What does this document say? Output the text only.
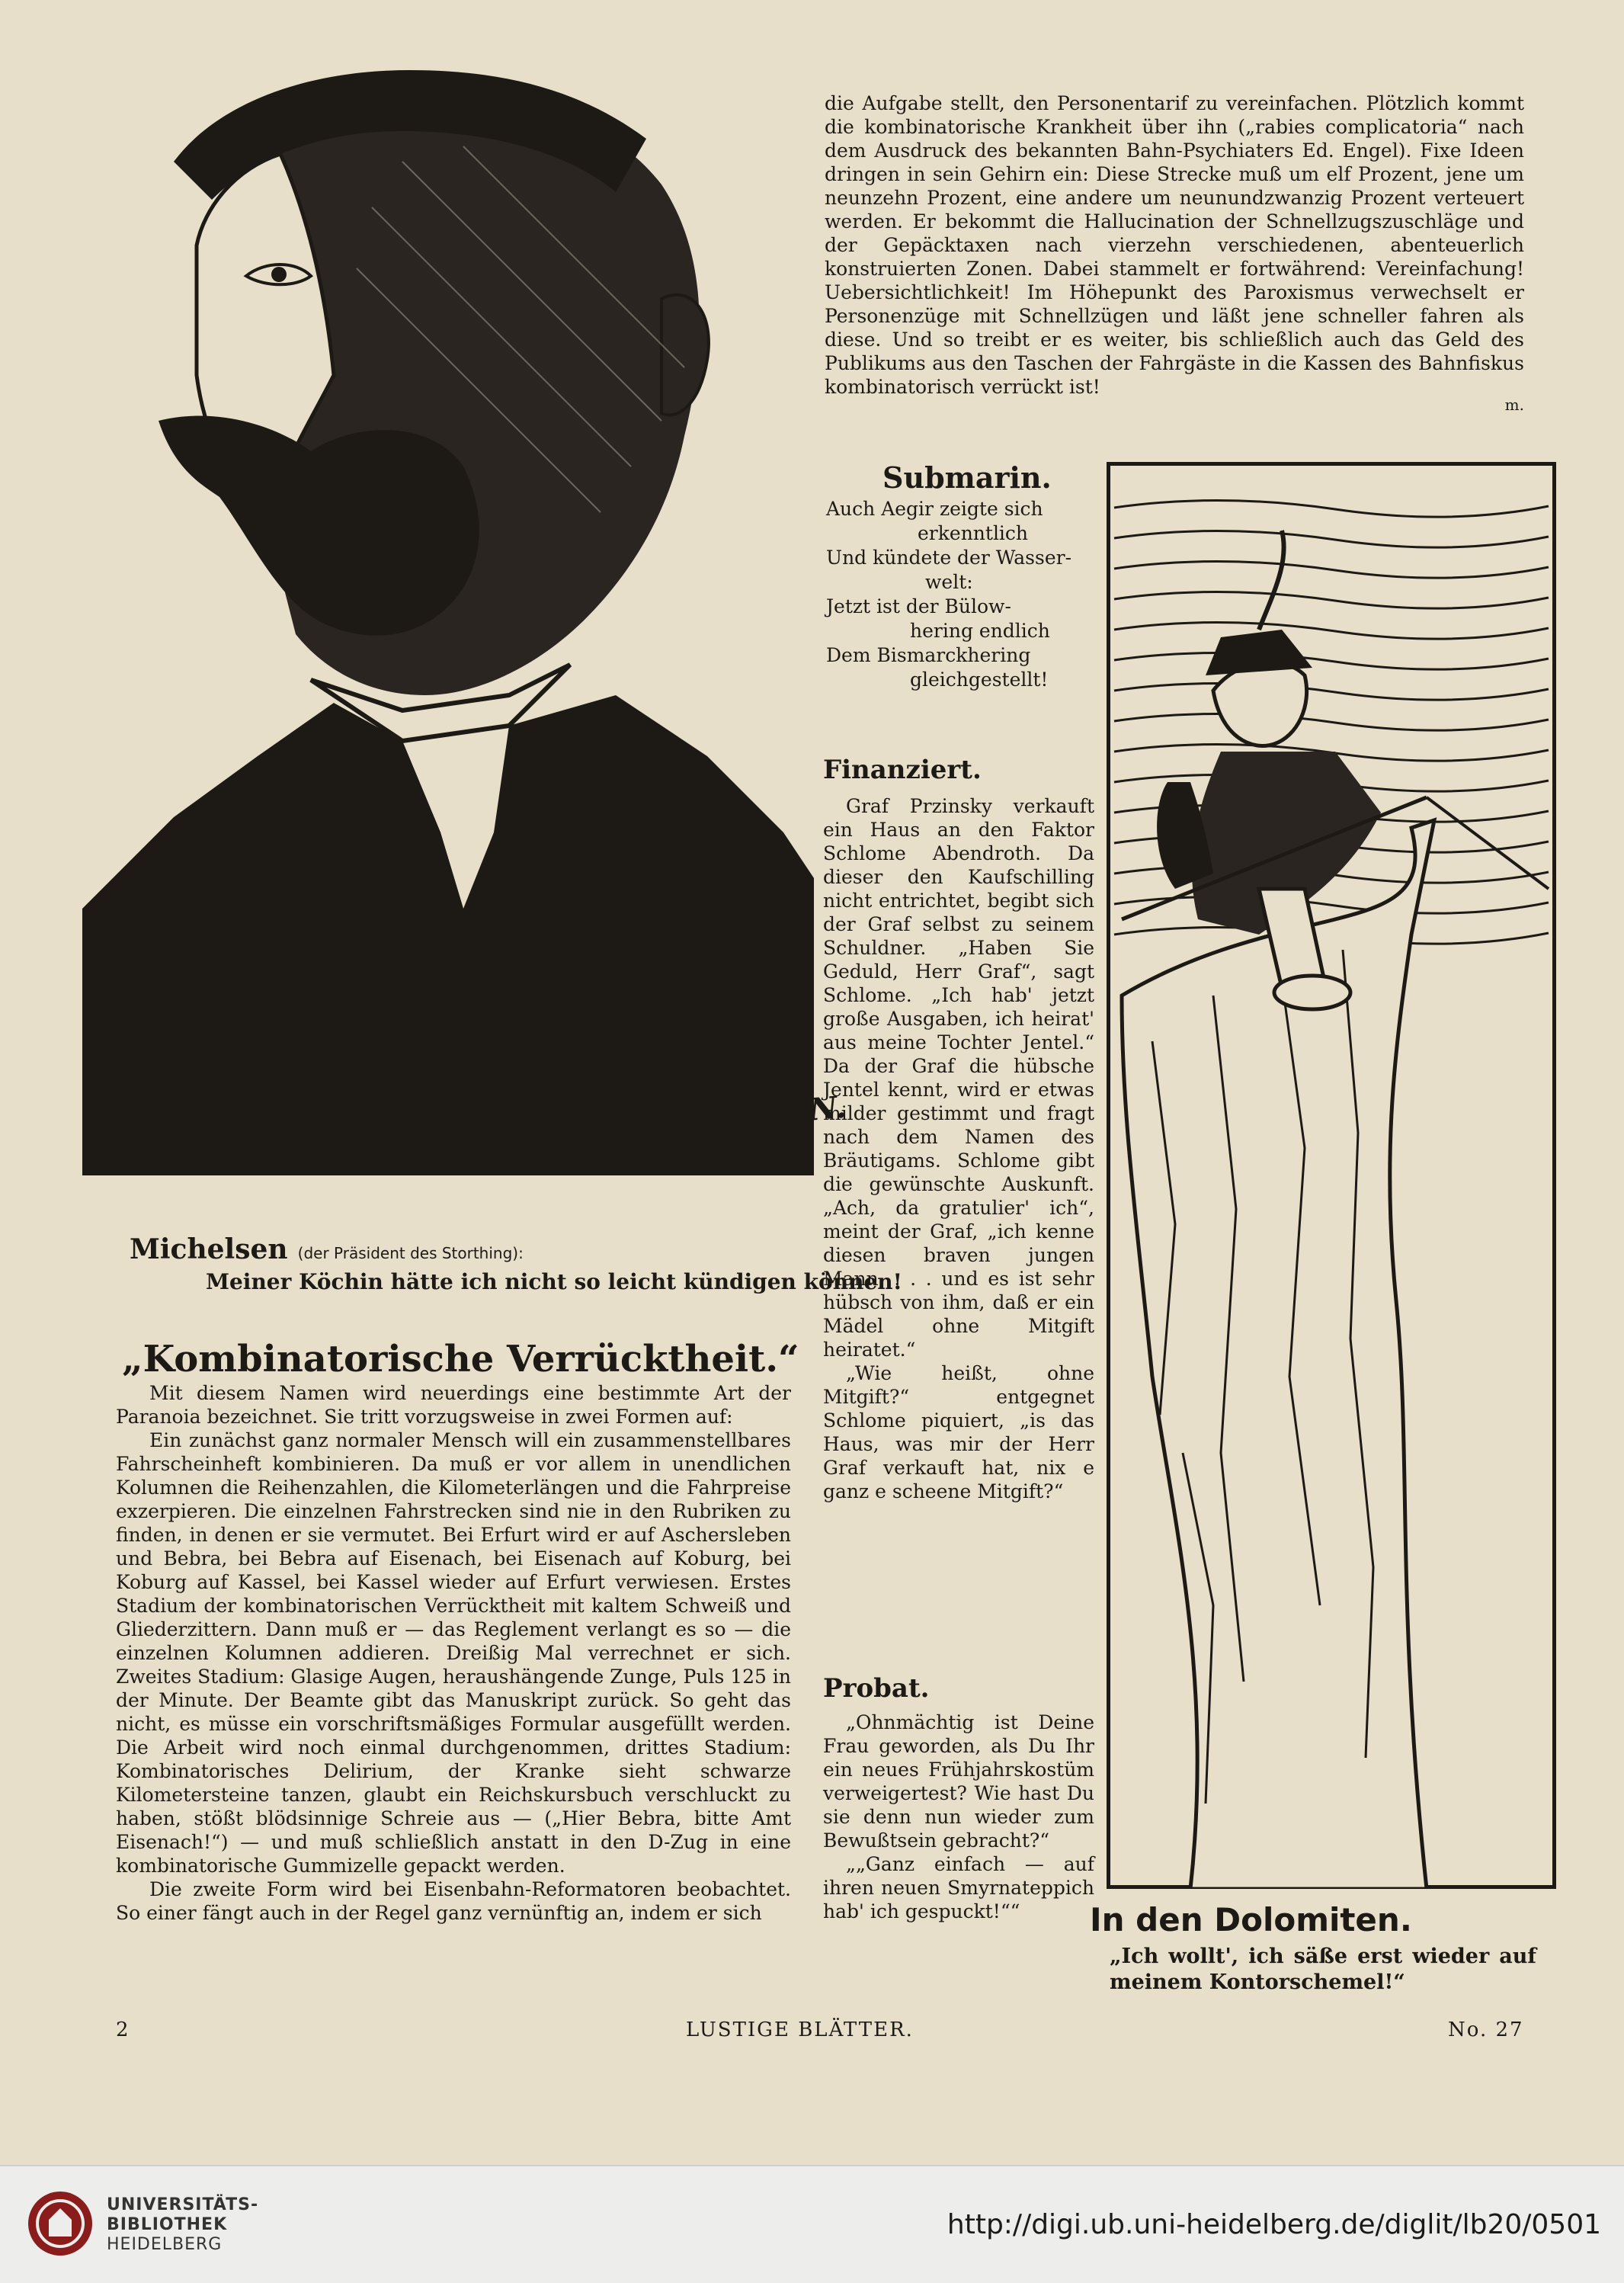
STERN.
Michelsen (der Präsident des Storthing):
Meiner Köchin hätte ich nicht so leicht kündigen können!
„Kombinatorische Verrücktheit.“

Mit diesem Namen wird neuerdings eine bestimmte Art der Paranoia bezeichnet. Sie tritt vorzugsweise in zwei Formen auf:

Ein zunächst ganz normaler Mensch will ein zusammenstellbares Fahrscheinheft kombinieren. Da muß er vor allem in unendlichen Kolumnen die Reihenzahlen, die Kilometerlängen und die Fahrpreise exzerpieren. Die einzelnen Fahrstrecken sind nie in den Rubriken zu finden, in denen er sie vermutet. Bei Erfurt wird er auf Aschersleben und Bebra, bei Bebra auf Eisenach, bei Eisenach auf Koburg, bei Koburg auf Kassel, bei Kassel wieder auf Erfurt verwiesen. Erstes Stadium der kombinatorischen Verrücktheit mit kaltem Schweiß und Gliederzittern. Dann muß er — das Reglement verlangt es so — die einzelnen Kolumnen addieren. Dreißig Mal verrechnet er sich. Zweites Stadium: Glasige Augen, heraushängende Zunge, Puls 125 in der Minute. Der Beamte gibt das Manuskript zurück. So geht das nicht, es müsse ein vorschriftsmäßiges Formular ausgefüllt werden. Die Arbeit wird noch einmal durchgenommen, drittes Stadium: Kombinatorisches Delirium, der Kranke sieht schwarze Kilometersteine tanzen, glaubt ein Reichskursbuch verschluckt zu haben, stößt blödsinnige Schreie aus — („Hier Bebra, bitte Amt Eisenach!“) — und muß schließlich anstatt in den D-Zug in eine kombinatorische Gummizelle gepackt werden.

Die zweite Form wird bei Eisenbahn-Reformatoren beobachtet. So einer fängt auch in der Regel ganz vernünftig an, indem er sich

die Aufgabe stellt, den Personentarif zu vereinfachen. Plötzlich kommt die kombinatorische Krankheit über ihn („rabies complicatoria“ nach dem Ausdruck des bekannten Bahn-Psychiaters Ed. Engel). Fixe Ideen dringen in sein Gehirn ein: Diese Strecke muß um elf Prozent, jene um neunzehn Prozent, eine andere um neunundzwanzig Prozent verteuert werden. Er bekommt die Hallucination der Schnellzugszuschläge und der Gepäcktaxen nach vierzehn verschiedenen, abenteuerlich konstruierten Zonen. Dabei stammelt er fortwährend: Vereinfachung! Uebersichtlichkeit! Im Höhepunkt des Paroxismus verwechselt er Personenzüge mit Schnellzügen und läßt jene schneller fahren als diese. Und so treibt er es weiter, bis schließlich auch das Geld des Publikums aus den Taschen der Fahrgäste in die Kassen des Bahnfiskus kombinatorisch verrückt ist!

m.
Submarin.
Auch Aegir zeigte sich
erkenntlich
Und kündete der Wasser-
welt:
Jetzt ist der Bülow-
hering endlich
Dem Bismarckhering
gleichgestellt!
Finanziert.

Graf Przinsky verkauft ein Haus an den Faktor Schlome Abendroth. Da dieser den Kaufschilling nicht entrichtet, begibt sich der Graf selbst zu seinem Schuldner. „Haben Sie Geduld, Herr Graf“, sagt Schlome. „Ich hab' jetzt große Ausgaben, ich heirat' aus meine Tochter Jentel.“ Da der Graf die hübsche Jentel kennt, wird er etwas milder gestimmt und fragt nach dem Namen des Bräutigams. Schlome gibt die gewünschte Auskunft. „Ach, da gratulier' ich“, meint der Graf, „ich kenne diesen braven jungen Mann, . . . und es ist sehr hübsch von ihm, daß er ein Mädel ohne Mitgift heiratet.“

„Wie heißt, ohne Mitgift?“ entgegnet Schlome piquiert, „is das Haus, was mir der Herr Graf verkauft hat, nix e ganz e scheene Mitgift?“

Probat.

„Ohnmächtig ist Deine Frau geworden, als Du Ihr ein neues Frühjahrskostüm verweigertest? Wie hast Du sie denn nun wieder zum Bewußtsein gebracht?“

„„Ganz einfach — auf ihren neuen Smyrnateppich hab' ich gespuckt!““	In den Dolomiten.
„Ich wollt', ich säße erst wieder auf meinem Kontorschemel!“
2	LUSTIGE BLÄTTER.	No. 27
UNIVERSITÄTS-
BIBLIOTHEK
HEIDELBERG
http://digi.ub.uni-heidelberg.de/diglit/lb20/0501
